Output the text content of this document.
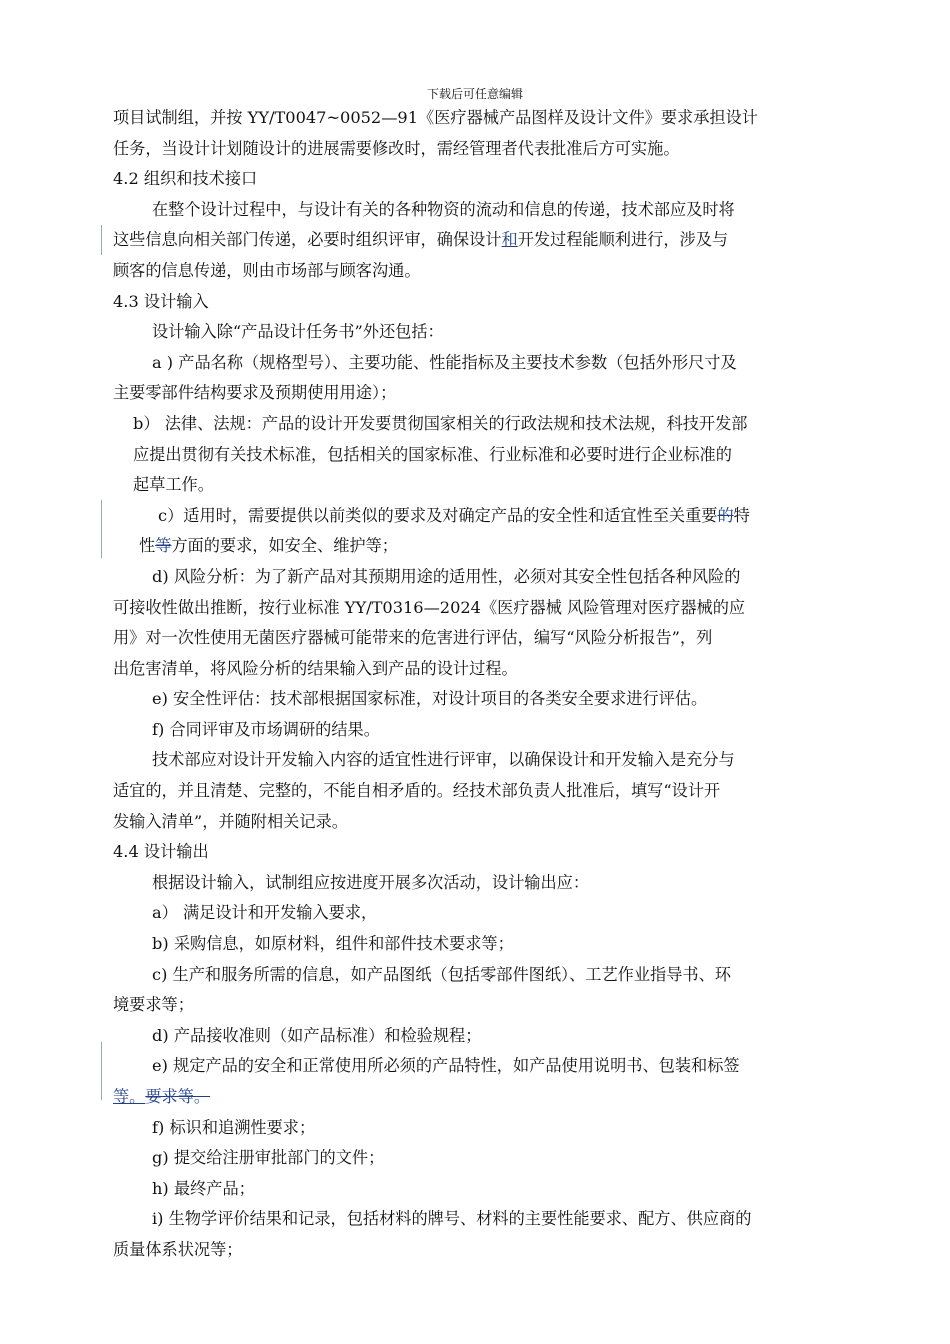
下载后可任意编辑

项目试制组，并按 YY/T0047~0052—91《医疗器械产品图样及设计文件》要求承担设计

任务，当设计计划随设计的进展需要修改时，需经管理者代表批准后方可实施。

4.2 组织和技术接口

在整个设计过程中，与设计有关的各种物资的流动和信息的传递，技术部应及时将

这些信息向相关部门传递，必要时组织评审，确保设计和开发过程能顺利进行，涉及与

顾客的信息传递，则由市场部与顾客沟通。

4.3 设计输入

设计输入除“产品设计任务书”外还包括：

a ) 产品名称（规格型号）、主要功能、性能指标及主要技术参数（包括外形尺寸及

主要零部件结构要求及预期使用用途）；

b） 法律、法规：产品的设计开发要贯彻国家相关的行政法规和技术法规，科技开发部

应提出贯彻有关技术标准，包括相关的国家标准、行业标准和必要时进行企业标准的

起草工作。

c）适用时，需要提供以前类似的要求及对确定产品的安全性和适宜性至关重要的特

性等方面的要求，如安全、维护等；

d) 风险分析：为了新产品对其预期用途的适用性，必须对其安全性包括各种风险的

可接收性做出推断，按行业标准 YY/T0316—2024《医疗器械 风险管理对医疗器械的应

用》对一次性使用无菌医疗器械可能带来的危害进行评估，编写“风险分析报告”，列

出危害清单，将风险分析的结果输入到产品的设计过程。

e) 安全性评估：技术部根据国家标准，对设计项目的各类安全要求进行评估。

f) 合同评审及市场调研的结果。

技术部应对设计开发输入内容的适宜性进行评审，以确保设计和开发输入是充分与

适宜的，并且清楚、完整的，不能自相矛盾的。经技术部负责人批准后，填写“设计开

发输入清单”，并随附相关记录。

4.4 设计输出

根据设计输入，试制组应按进度开展多次活动，设计输出应：

a） 满足设计和开发输入要求，

b) 采购信息，如原材料，组件和部件技术要求等；

c) 生产和服务所需的信息，如产品图纸（包括零部件图纸）、工艺作业指导书、环

境要求等；

d) 产品接收准则（如产品标准）和检验规程；

e) 规定产品的安全和正常使用所必须的产品特性，如产品使用说明书、包装和标签

等。要求等。

f) 标识和追溯性要求；

g) 提交给注册审批部门的文件；

h) 最终产品；

i) 生物学评价结果和记录，包括材料的牌号、材料的主要性能要求、配方、供应商的

质量体系状况等；
